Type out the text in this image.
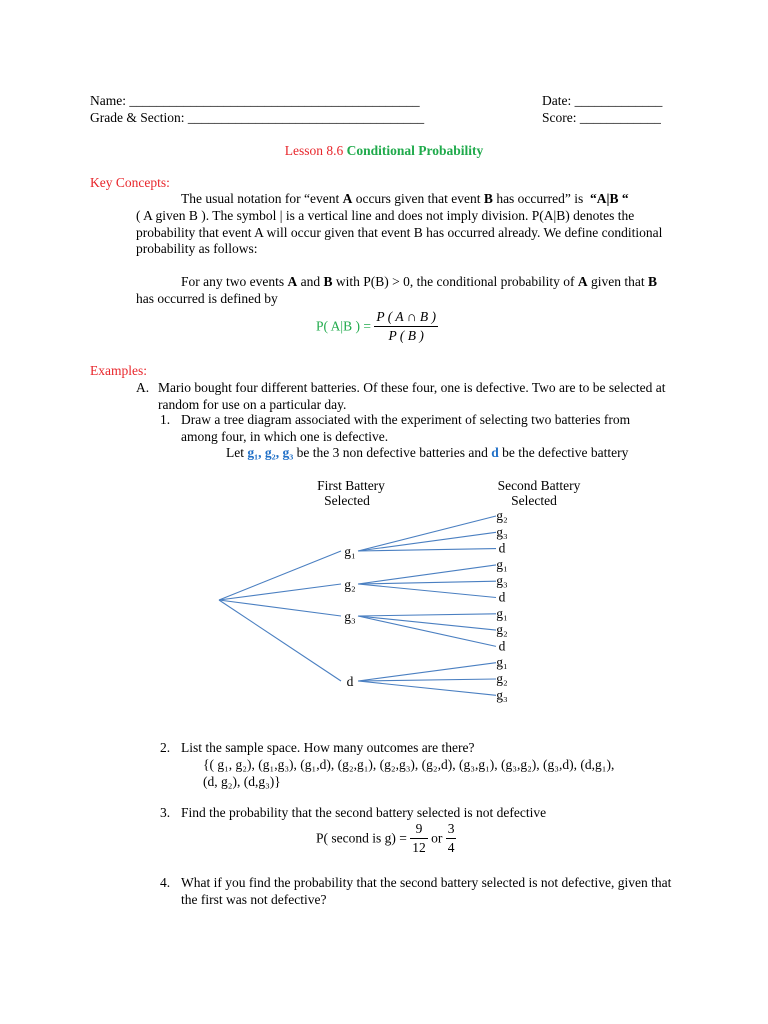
Name: ___________________________________________	Date: _____________
Grade & Section: ___________________________________	Score: ____________
Lesson 8.6 Conditional Probability
Key Concepts:
The usual notation for “event A occurs given that event B has occurred” is  “A|B “
( A given B ). The symbol | is a vertical line and does not imply division. P(A|B) denotes the probability that event A will occur given that event B has occurred already. We define conditional probability as follows:
For any two events A and B with P(B) > 0, the conditional probability of A given that B
has occurred is defined by
P( A|B ) = $\frac{P ( A \cap B )}{P ( B )}$
Examples:
A. Mario bought four different batteries. Of these four, one is defective. Two are to be selected at random for use on a particular day.
1. Draw a tree diagram associated with the experiment of selecting two batteries from among four, in which one is defective.
Let g₁, g₂, g₃ be the 3 non defective batteries and d be the defective battery
First Battery
Selected
Second Battery
Selected
g₁
g₂
g₃
d
g₂
g₁
g₃
d
g₃	g₁
g₂
d
d
g₁
g₂
g₃
2. List the sample space. How many outcomes are there?
{( g₁, g₂), (g₁,g₃), (g₁,d), (g₂,g₁), (g₂,g₃), (g₂,d), (g₃,g₁), (g₃,g₂), (g₃,d), (d,g₁),
(d, g₂), (d,g₃)}
3. Find the probability that the second battery selected is not defective
P( second is $g) = \frac{9}{12}$ or $\frac{3}{4}$
4. What if you find the probability that the second battery selected is not defective, given that the first was not defective?
